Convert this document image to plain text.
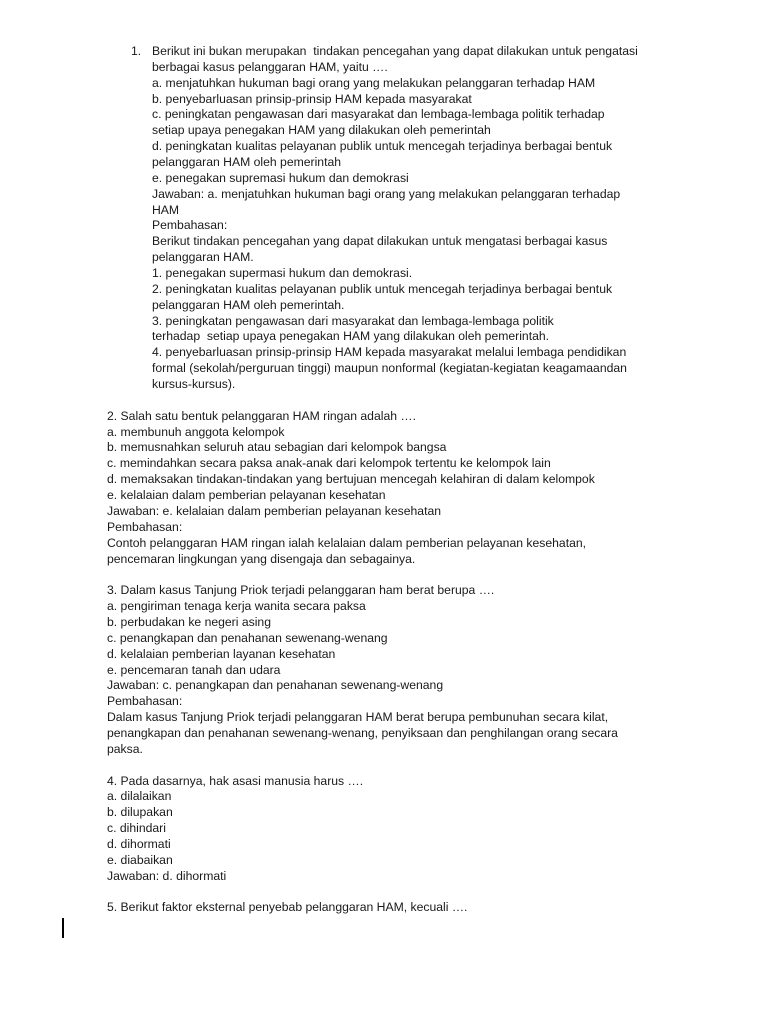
1. Berikut ini bukan merupakan  tindakan pencegahan yang dapat dilakukan untuk pengatasi
berbagai kasus pelanggaran HAM, yaitu ….
a. menjatuhkan hukuman bagi orang yang melakukan pelanggaran terhadap HAM
b. penyebarluasan prinsip-prinsip HAM kepada masyarakat
c. peningkatan pengawasan dari masyarakat dan lembaga-lembaga politik terhadap
setiap upaya penegakan HAM yang dilakukan oleh pemerintah
d. peningkatan kualitas pelayanan publik untuk mencegah terjadinya berbagai bentuk
pelanggaran HAM oleh pemerintah
e. penegakan supremasi hukum dan demokrasi
Jawaban: a. menjatuhkan hukuman bagi orang yang melakukan pelanggaran terhadap
HAM
Pembahasan:
Berikut tindakan pencegahan yang dapat dilakukan untuk mengatasi berbagai kasus
pelanggaran HAM.
1. penegakan supermasi hukum dan demokrasi.
2. peningkatan kualitas pelayanan publik untuk mencegah terjadinya berbagai bentuk
pelanggaran HAM oleh pemerintah.
3. peningkatan pengawasan dari masyarakat dan lembaga-lembaga politik
terhadap  setiap upaya penegakan HAM yang dilakukan oleh pemerintah.
4. penyebarluasan prinsip-prinsip HAM kepada masyarakat melalui lembaga pendidikan
formal (sekolah/perguruan tinggi) maupun nonformal (kegiatan-kegiatan keagamaandan
kursus-kursus).
2. Salah satu bentuk pelanggaran HAM ringan adalah ….
a. membunuh anggota kelompok
b. memusnahkan seluruh atau sebagian dari kelompok bangsa
c. memindahkan secara paksa anak-anak dari kelompok tertentu ke kelompok lain
d. memaksakan tindakan-tindakan yang bertujuan mencegah kelahiran di dalam kelompok
e. kelalaian dalam pemberian pelayanan kesehatan
Jawaban: e. kelalaian dalam pemberian pelayanan kesehatan
Pembahasan:
Contoh pelanggaran HAM ringan ialah kelalaian dalam pemberian pelayanan kesehatan,
pencemaran lingkungan yang disengaja dan sebagainya.
3. Dalam kasus Tanjung Priok terjadi pelanggaran ham berat berupa ….
a. pengiriman tenaga kerja wanita secara paksa
b. perbudakan ke negeri asing
c. penangkapan dan penahanan sewenang-wenang
d. kelalaian pemberian layanan kesehatan
e. pencemaran tanah dan udara
Jawaban: c. penangkapan dan penahanan sewenang-wenang
Pembahasan:
Dalam kasus Tanjung Priok terjadi pelanggaran HAM berat berupa pembunuhan secara kilat,
penangkapan dan penahanan sewenang-wenang, penyiksaan dan penghilangan orang secara
paksa.
4. Pada dasarnya, hak asasi manusia harus ….
a. dilalaikan
b. dilupakan
c. dihindari
d. dihormati
e. diabaikan
Jawaban: d. dihormati
5. Berikut faktor eksternal penyebab pelanggaran HAM, kecuali ….
